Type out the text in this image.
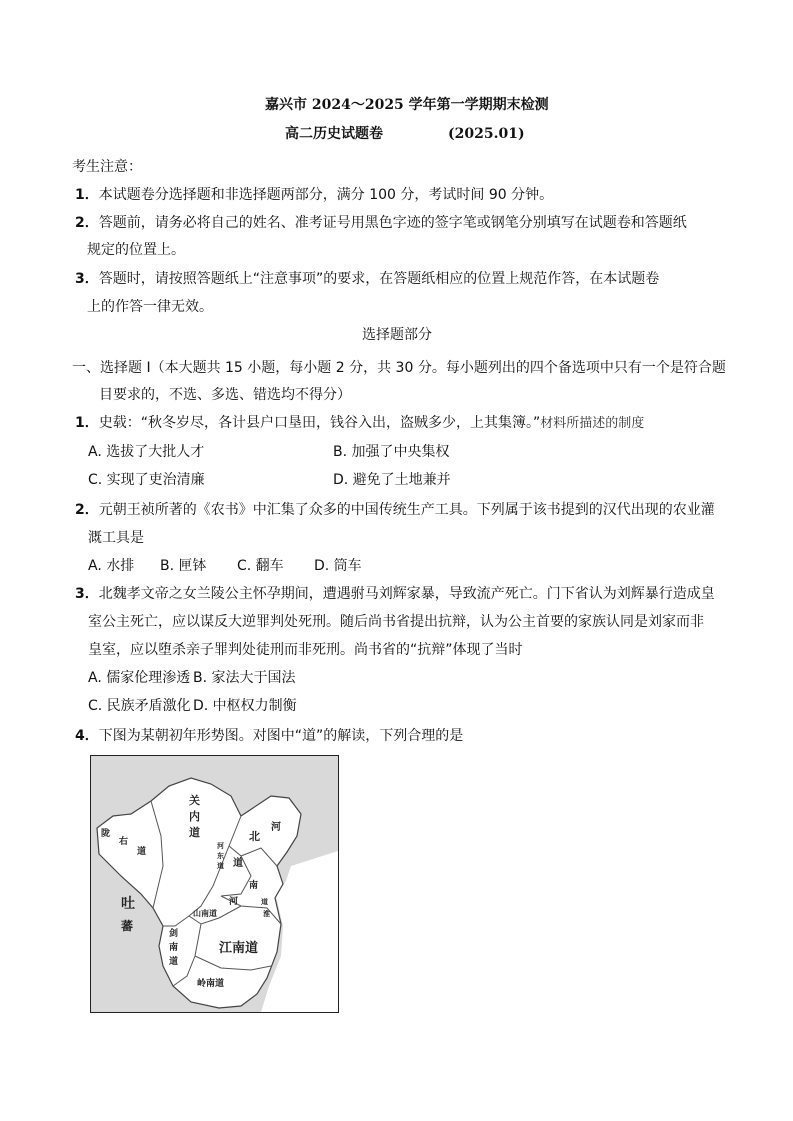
嘉兴市 2024～2025 学年第一学期期末检测
高二历史试题卷	(2025.01)
考生注意：
1．本试题卷分选择题和非选择题两部分，满分 100 分，考试时间 90 分钟。
2．答题前，请务必将自己的姓名、准考证号用黑色字迹的签字笔或钢笔分别填写在试题卷和答题纸
规定的位置上。
3．答题时，请按照答题纸上“注意事项”的要求，在答题纸相应的位置上规范作答，在本试题卷
上的作答一律无效。
选择题部分
一、选择题 I（本大题共 15 小题，每小题 2 分，共 30 分。每小题列出的四个备选项中只有一个是符合题
目要求的，不选、多选、错选均不得分）
1．史载：“秋冬岁尽，各计县户口垦田，钱谷入出，盗贼多少，上其集簿。”材料所描述的制度
A. 选拔了大批人才	B. 加强了中央集权
C. 实现了吏治清廉	D. 避免了土地兼并
2．元朝王祯所著的《农书》中汇集了众多的中国传统生产工具。下列属于该书提到的汉代出现的农业灌
溉工具是
A. 水排 B. 匣钵 C. 翻车 D. 筒车
3．北魏孝文帝之女兰陵公主怀孕期间，遭遇驸马刘辉家暴，导致流产死亡。门下省认为刘辉暴行造成皇
室公主死亡，应以谋反大逆罪判处死刑。随后尚书省提出抗辩，认为公主首要的家族认同是刘家而非
皇室，应以堕杀亲子罪判处徒刑而非死刑。尚书省的“抗辩”体现了当时
A. 儒家伦理渗透 B. 家法大于国法
C. 民族矛盾激化 D. 中枢权力制衡
4．下图为某朝初年形势图。对图中“道”的解读，下列合理的是
关
内
道
陇
右
道
北
河
河
东
道 道
河
南
道
淮
吐
蕃
山南道
剑
南
道
江南道
岭南道
